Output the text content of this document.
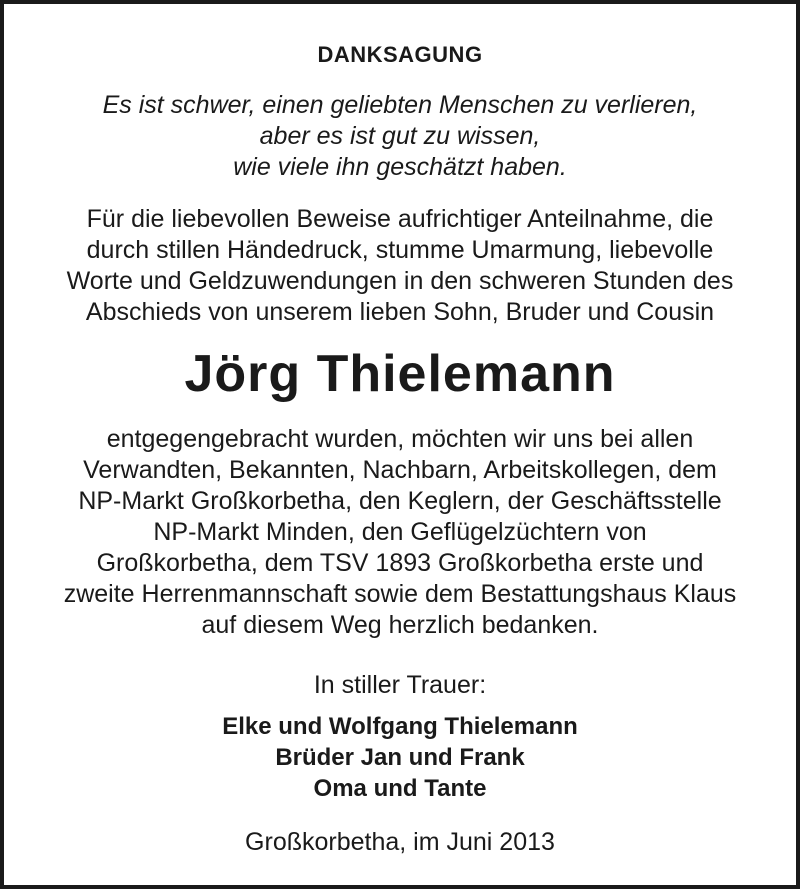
DANKSAGUNG
Es ist schwer, einen geliebten Menschen zu verlieren,
aber es ist gut zu wissen,
wie viele ihn geschätzt haben.
Für die liebevollen Beweise aufrichtiger Anteilnahme, die
durch stillen Händedruck, stumme Umarmung, liebevolle
Worte und Geldzuwendungen in den schweren Stunden des
Abschieds von unserem lieben Sohn, Bruder und Cousin
Jörg Thielemann
entgegengebracht wurden, möchten wir uns bei allen
Verwandten, Bekannten, Nachbarn, Arbeitskollegen, dem
NP-Markt Großkorbetha, den Keglern, der Geschäftsstelle
NP-Markt Minden, den Geflügelzüchtern von
Großkorbetha, dem TSV 1893 Großkorbetha erste und
zweite Herrenmannschaft sowie dem Bestattungshaus Klaus
auf diesem Weg herzlich bedanken.
In stiller Trauer:
Elke und Wolfgang Thielemann
Brüder Jan und Frank
Oma und Tante
Großkorbetha, im Juni 2013
